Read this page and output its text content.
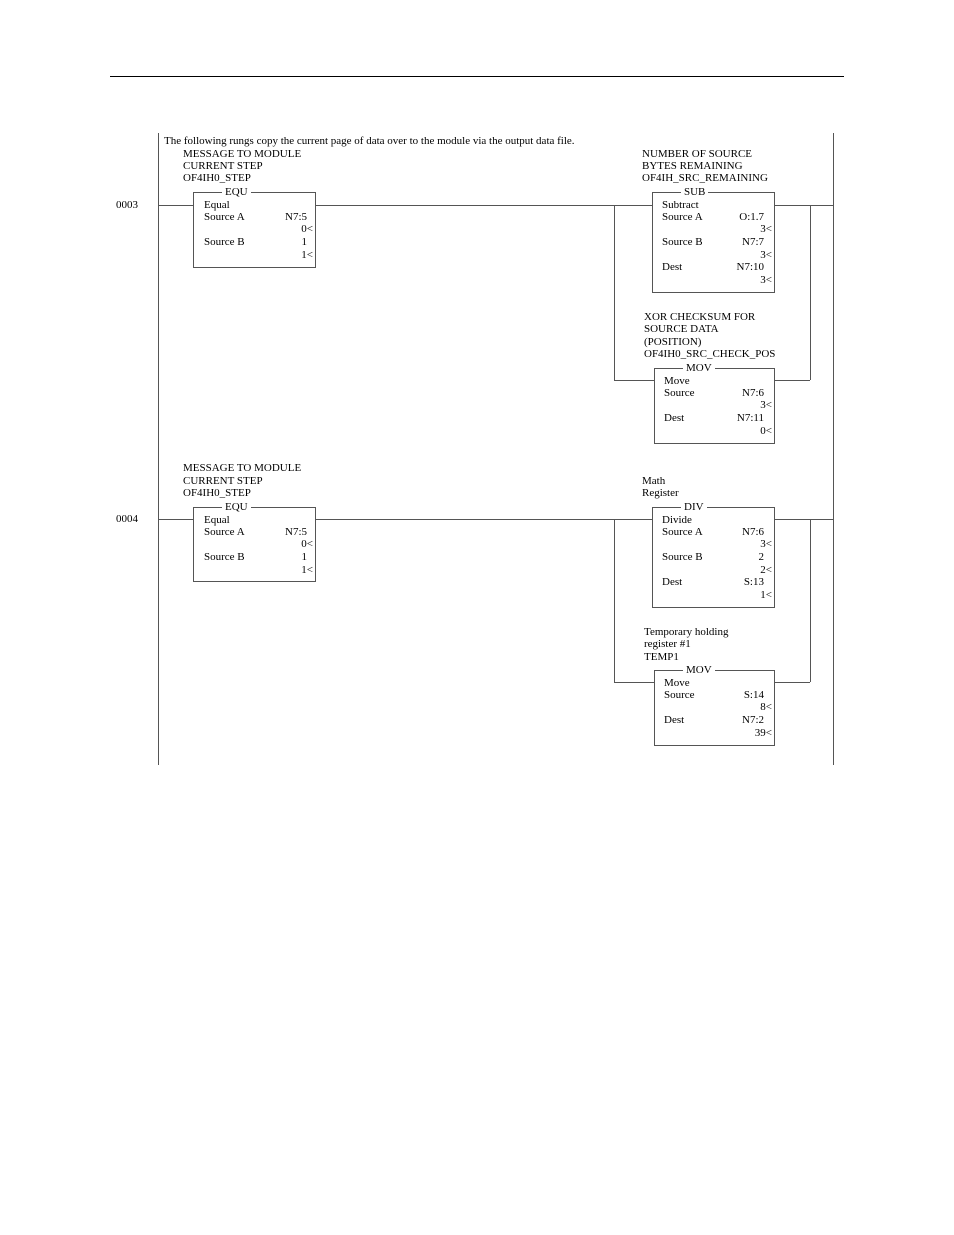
The following rungs copy the current page of data over to the module via the output data file.
0003
MESSAGE TO MODULE
CURRENT STEP
OF4IH0_STEP
EQU
Equal
Source A	N7:5
0<
Source B	1
1<
NUMBER OF SOURCE
BYTES REMAINING
OF4IH_SRC_REMAINING
SUB
Subtract
Source A	O:1.7
3<
Source B	N7:7
3<
Dest	N7:10
3<
XOR CHECKSUM FOR
SOURCE DATA
(POSITION)
OF4IH0_SRC_CHECK_POS
MOV
Move
Source	N7:6
3<
Dest	N7:11
0<
0004
MESSAGE TO MODULE
CURRENT STEP
OF4IH0_STEP
EQU
Equal
Source A	N7:5
0<
Source B	1
1<
Math
Register
DIV
Divide
Source A	N7:6
3<
Source B	2
2<
Dest	S:13
1<
Temporary holding
register #1
TEMP1
MOV
Move
Source	S:14
8<
Dest	N7:2
39<
